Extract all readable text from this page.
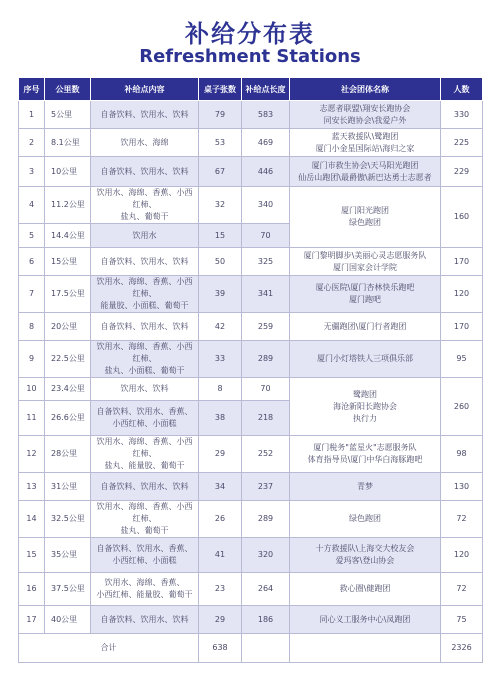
补给分布表
Refreshment Stations
序号	公里数	补给点内容	桌子张数	补给点长度	社会团体名称	人数
1	5公里	自备饮料、饮用水、饮料	79	583	志愿者联盟\翔安长跑协会
同安长跑协会\我爱户外	330
2	8.1公里	饮用水、海绵	53	469	蓝天救援队\鹭跑团
厦门小金星国际站\海归之家	225
3	10公里	自备饮料、饮用水、饮料	67	446	厦门市救生协会\天马阳光跑团
仙岳山跑团\最爵傲\新巴达勇士志愿者	229
4	11.2公里	饮用水、海绵、香蕉、小西红柿、
盐丸、葡萄干	32	340	厦门阳光跑团
绿色跑团	160
5	14.4公里	饮用水	15	70		
6	15公里	自备饮料、饮用水、饮料	50	325	厦门黎明脚步\美丽心灵志愿服务队
厦门国家会计学院	170
7	17.5公里	饮用水、海绵、香蕉、小西红柿、
能量胶、小面糕、葡萄干	39	341	厦心医院\厦门杏林快乐跑吧
厦门跑吧	120
8	20公里	自备饮料、饮用水、饮料	42	259	无疆跑团\厦门行者跑团	170
9	22.5公里	饮用水、海绵、香蕉、小西红柿、
盐丸、小面糕、葡萄干	33	289	厦门小灯塔铁人三项俱乐部	95
10	23.4公里	饮用水、饮料	8	70	鹭跑团
海沧新阳长跑协会
执行力	260
11	26.6公里	自备饮料、饮用水、香蕉、
小西红柿、小面糕	38	218		
12	28公里	饮用水、海绵、香蕉、小西红柿、
盐丸、能量胶、葡萄干	29	252	厦门税务"蓝星火"志愿服务队
体育指导员\厦门中华白海豚跑吧	98
13	31公里	自备饮料、饮用水、饮料	34	237	青梦	130
14	32.5公里	饮用水、海绵、香蕉、小西红柿、
盐丸、葡萄干	26	289	绿色跑团	72
15	35公里	自备饮料、饮用水、香蕉、
小西红柿、小面糕	41	320	十方救援队\上海交大校友会
爱玛客\登山协会	120
16	37.5公里	饮用水、海绵、香蕉、
小西红柿、能量胶、葡萄干	23	264	救心圈\健跑团	72
17	40公里	自备饮料、饮用水、饮料	29	186	同心义工服务中心\凤跑团	75
合计			638			2326
